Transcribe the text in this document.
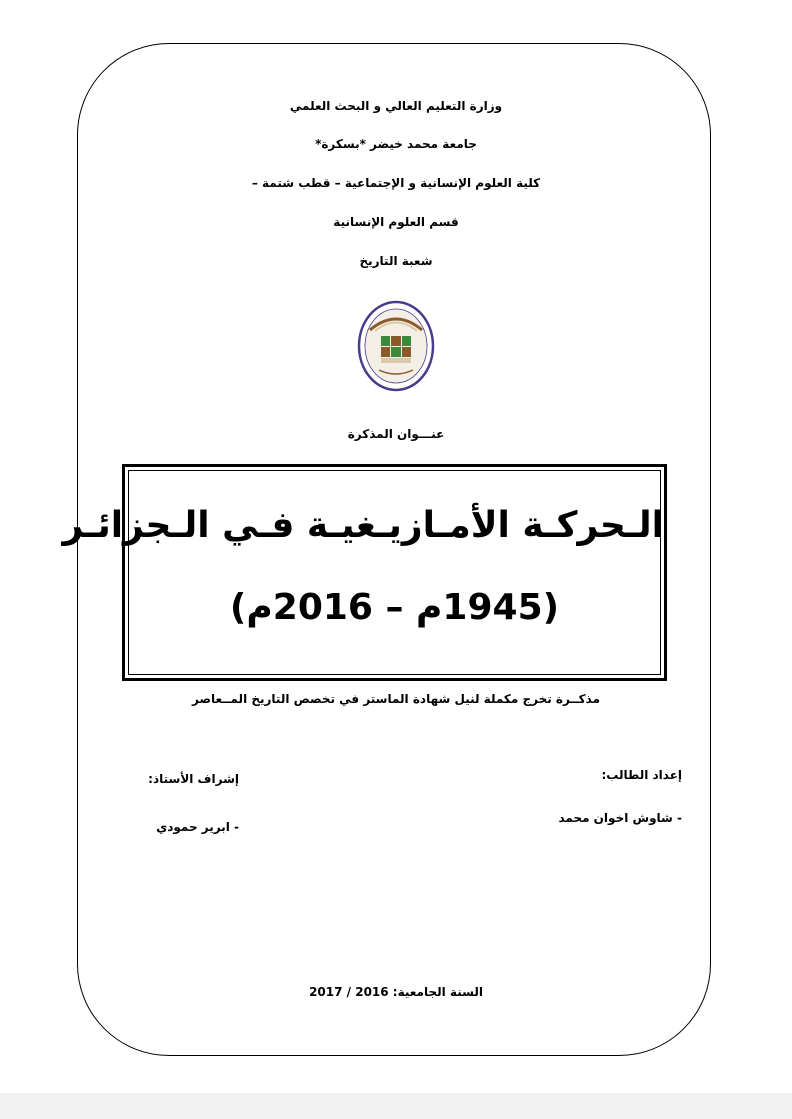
وزارة التعليم العالي و البحث العلمي
جامعة محمد خيضر *بسكرة*
كلية العلوم الإنسانية و الإجتماعية – قطب شتمة –
قسم العلوم الإنسانية
شعبة التاريخ
عنـــوان المذكرة
الـحركـة الأمـازيـغيـة فـي الـجزائـر
(1945م – 2016م)
مذكــرة تخرج مكملة لنيل شهادة الماستر في تخصص التاريخ المــعاصر
إعداد الطالب:
- شاوش اخوان محمد
إشراف الأستاذ:
- ابرير حمودي
السنة الجامعية: 2016 / 2017
